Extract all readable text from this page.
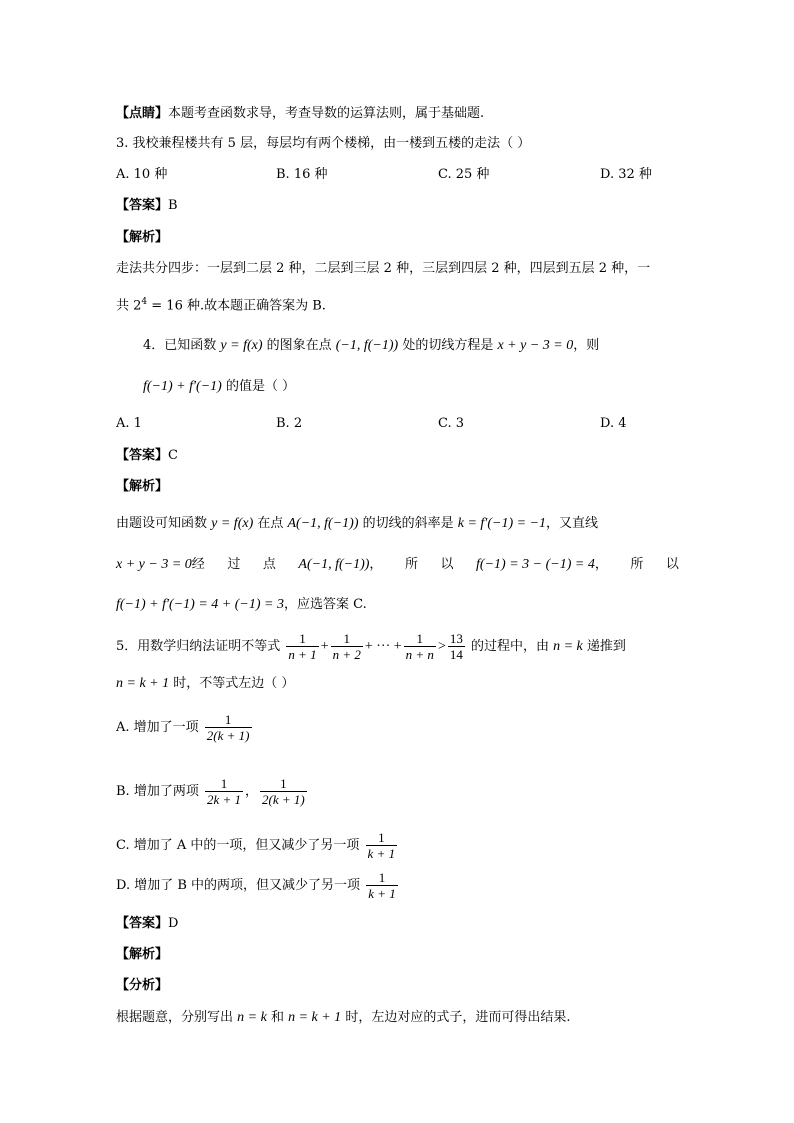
【点睛】本题考查函数求导，考查导数的运算法则，属于基础题.
3. 我校兼程楼共有 5 层，每层均有两个楼梯，由一楼到五楼的走法（ ）
A. 10 种	B. 16 种	C. 25 种	D. 32 种
【答案】B
【解析】
走法共分四步：一层到二层 2 种，二层到三层 2 种，三层到四层 2 种，四层到五层 2 种，一
共 $2^4 = 16$ 种.故本题正确答案为 B.
4．已知函数 y = f(x) 的图象在点 (−1, f(−1)) 处的切线方程是 x + y − 3 = 0，则
f(−1) + f′(−1) 的值是（ ）
A. 1	B. 2	C. 3	D. 4
【答案】C
【解析】
由题设可知函数 y = f(x) 在点 A(−1, f(−1)) 的切线的斜率是 k = f′(−1) = −1，又直线
x + y − 3 = 0经 过 点 A(−1, f(−1))， 所 以 f(−1) = 3 − (−1) = 4， 所 以
f(−1) + f′(−1) = 4 + (−1) = 3，应选答案 C.
5．用数学归纳法证明不等式 $\frac{1}{n + 1} + \frac{1}{n + 2}$ + ··· + $\frac{1}{n + n} > \frac{13}{14}$ 的过程中，由 n = k 递推到
n = k + 1 时，不等式左边（ ）
A. 增加了一项 $\frac{1}{2(k + 1)}$
B. 增加了两项 $\frac{1}{2k + 1}$ ， $\frac{1}{2(k + 1)}$
C. 增加了 A 中的一项，但又减少了另一项 $\frac{1}{k + 1}$
D. 增加了 B 中的两项，但又减少了另一项 $\frac{1}{k + 1}$
【答案】D
【解析】
【分析】
根据题意，分别写出 n = k 和 n = k + 1 时，左边对应的式子，进而可得出结果.
